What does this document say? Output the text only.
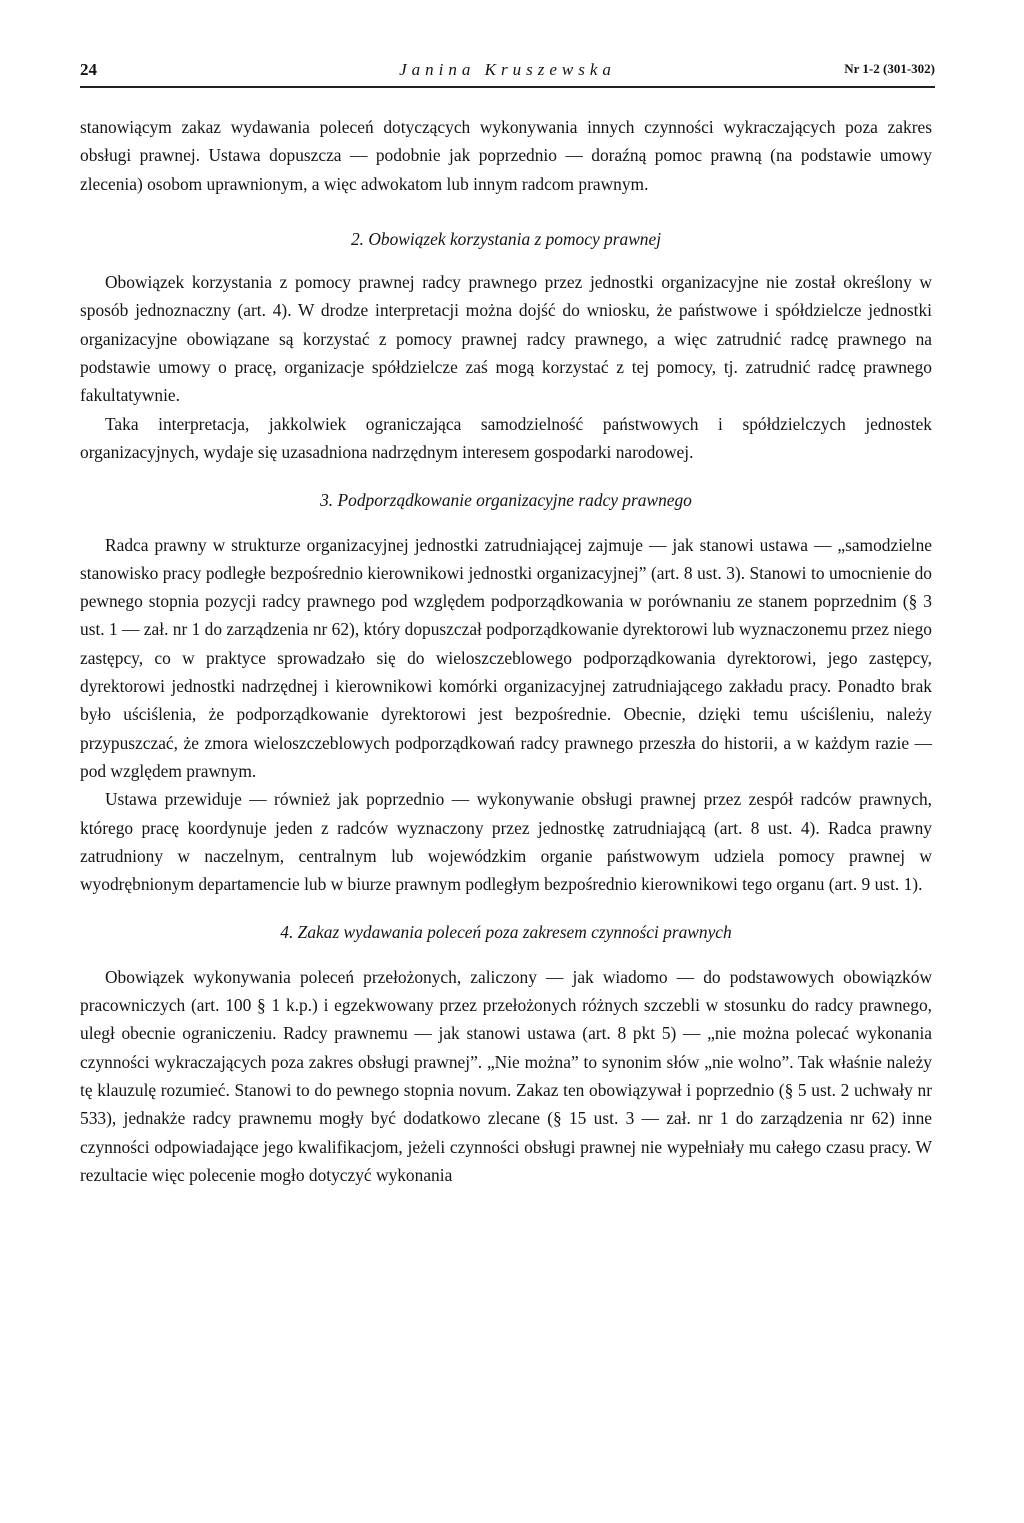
24	Janina Kruszewska	Nr 1-2 (301-302)

stanowiącym zakaz wydawania poleceń dotyczących wykonywania innych czynności wykraczających poza zakres obsługi prawnej. Ustawa dopuszcza — podobnie jak poprzednio — doraźną pomoc prawną (na podstawie umowy zlecenia) osobom uprawnionym, a więc adwokatom lub innym radcom prawnym.

2. Obowiązek korzystania z pomocy prawnej

Obowiązek korzystania z pomocy prawnej radcy prawnego przez jednostki organizacyjne nie został określony w sposób jednoznaczny (art. 4). W drodze interpretacji można dojść do wniosku, że państwowe i spółdzielcze jednostki organizacyjne obowiązane są korzystać z pomocy prawnej radcy prawnego, a więc zatrudnić radcę prawnego na podstawie umowy o pracę, organizacje spółdzielcze zaś mogą korzystać z tej pomocy, tj. zatrudnić radcę prawnego fakultatywnie.

Taka interpretacja, jakkolwiek ograniczająca samodzielność państwowych i spółdzielczych jednostek organizacyjnych, wydaje się uzasadniona nadrzędnym interesem gospodarki narodowej.

3. Podporządkowanie organizacyjne radcy prawnego

Radca prawny w strukturze organizacyjnej jednostki zatrudniającej zajmuje — jak stanowi ustawa — „samodzielne stanowisko pracy podległe bezpośrednio kierownikowi jednostki organizacyjnej” (art. 8 ust. 3). Stanowi to umocnienie do pewnego stopnia pozycji radcy prawnego pod względem podporządkowania w porównaniu ze stanem poprzednim (§ 3 ust. 1 — zał. nr 1 do zarządzenia nr 62), który dopuszczał podporządkowanie dyrektorowi lub wyznaczonemu przez niego zastępcy, co w praktyce sprowadzało się do wieloszczeblowego podporządkowania dyrektorowi, jego zastępcy, dyrektorowi jednostki nadrzędnej i kierownikowi komórki organizacyjnej zatrudniającego zakładu pracy. Ponadto brak było uściślenia, że podporządkowanie dyrektorowi jest bezpośrednie. Obecnie, dzięki temu uściśleniu, należy przypuszczać, że zmora wieloszczeblowych podporządkowań radcy prawnego przeszła do historii, a w każdym razie — pod względem prawnym.

Ustawa przewiduje — również jak poprzednio — wykonywanie obsługi prawnej przez zespół radców prawnych, którego pracę koordynuje jeden z radców wyznaczony przez jednostkę zatrudniającą (art. 8 ust. 4). Radca prawny zatrudniony w naczelnym, centralnym lub wojewódzkim organie państwowym udziela pomocy prawnej w wyodrębnionym departamencie lub w biurze prawnym podległym bezpośrednio kierownikowi tego organu (art. 9 ust. 1).

4. Zakaz wydawania poleceń poza zakresem czynności prawnych

Obowiązek wykonywania poleceń przełożonych, zaliczony — jak wiadomo — do podstawowych obowiązków pracowniczych (art. 100 § 1 k.p.) i egzekwowany przez przełożonych różnych szczebli w stosunku do radcy prawnego, uległ obecnie ograniczeniu. Radcy prawnemu — jak stanowi ustawa (art. 8 pkt 5) — „nie można polecać wykonania czynności wykraczających poza zakres obsługi prawnej”. „Nie można” to synonim słów „nie wolno”. Tak właśnie należy tę klauzulę rozumieć. Stanowi to do pewnego stopnia novum. Zakaz ten obowiązywał i poprzednio (§ 5 ust. 2 uchwały nr 533), jednakże radcy prawnemu mogły być dodatkowo zlecane (§ 15 ust. 3 — zał. nr 1 do zarządzenia nr 62) inne czynności odpowiadające jego kwalifikacjom, jeżeli czynności obsługi prawnej nie wypełniały mu całego czasu pracy. W rezultacie więc polecenie mogło dotyczyć wykonania
